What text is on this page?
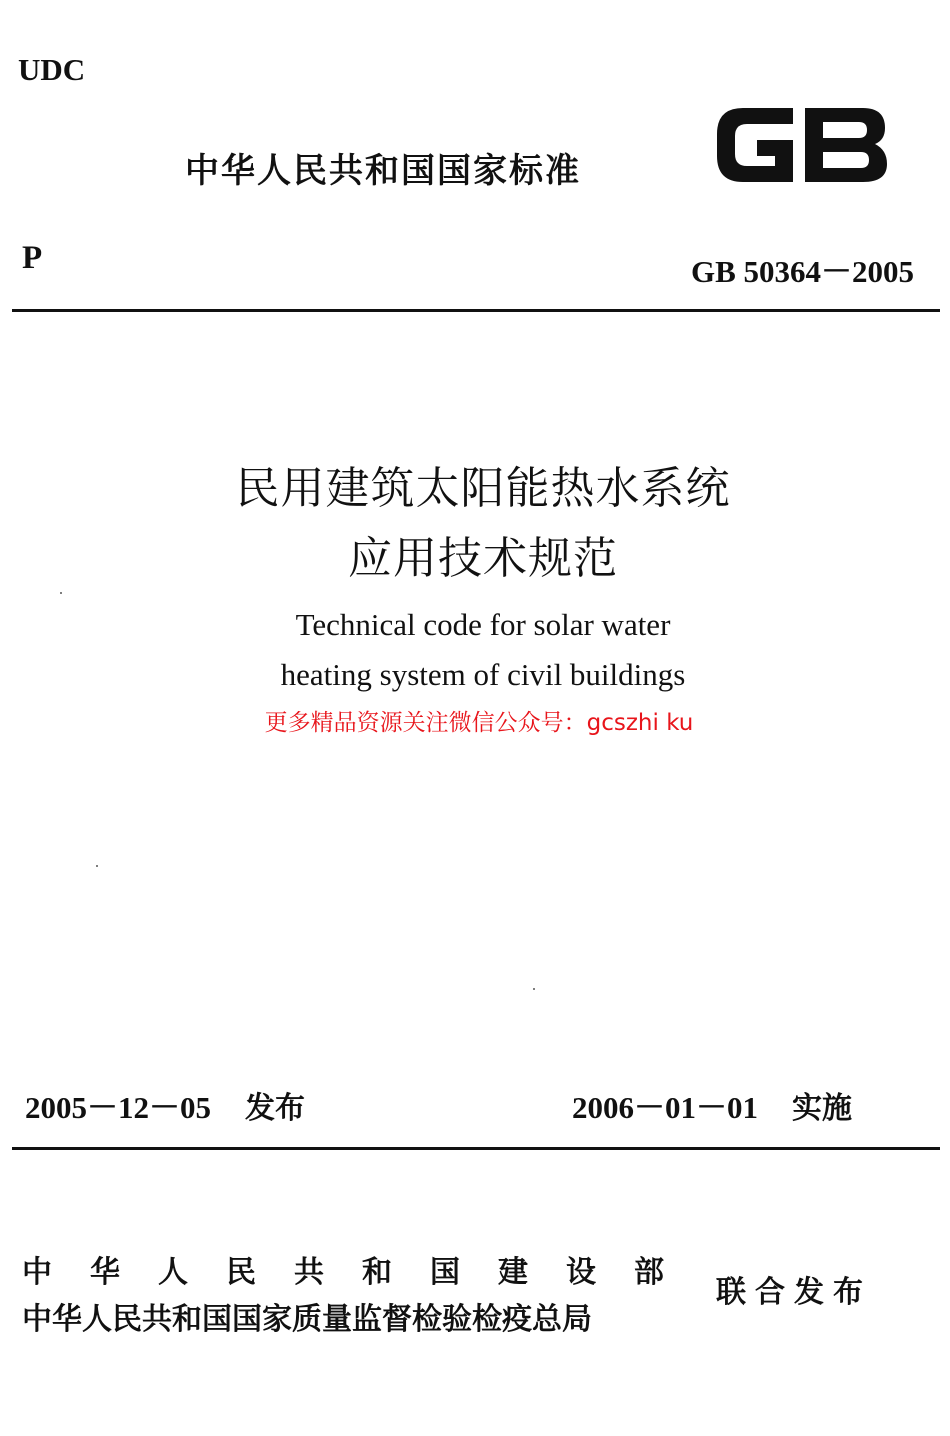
UDC
中华人民共和国国家标准
P	GB 50364－2005
民用建筑太阳能热水系统
应用技术规范
Technical code for solar water
heating system of civil buildings
更多精品资源关注微信公众号：gcszhi ku
2005－12－05 发布	2006－01－01 实施
中华人民共和国建设部
中华人民共和国国家质量监督检验检疫总局
联合发布
